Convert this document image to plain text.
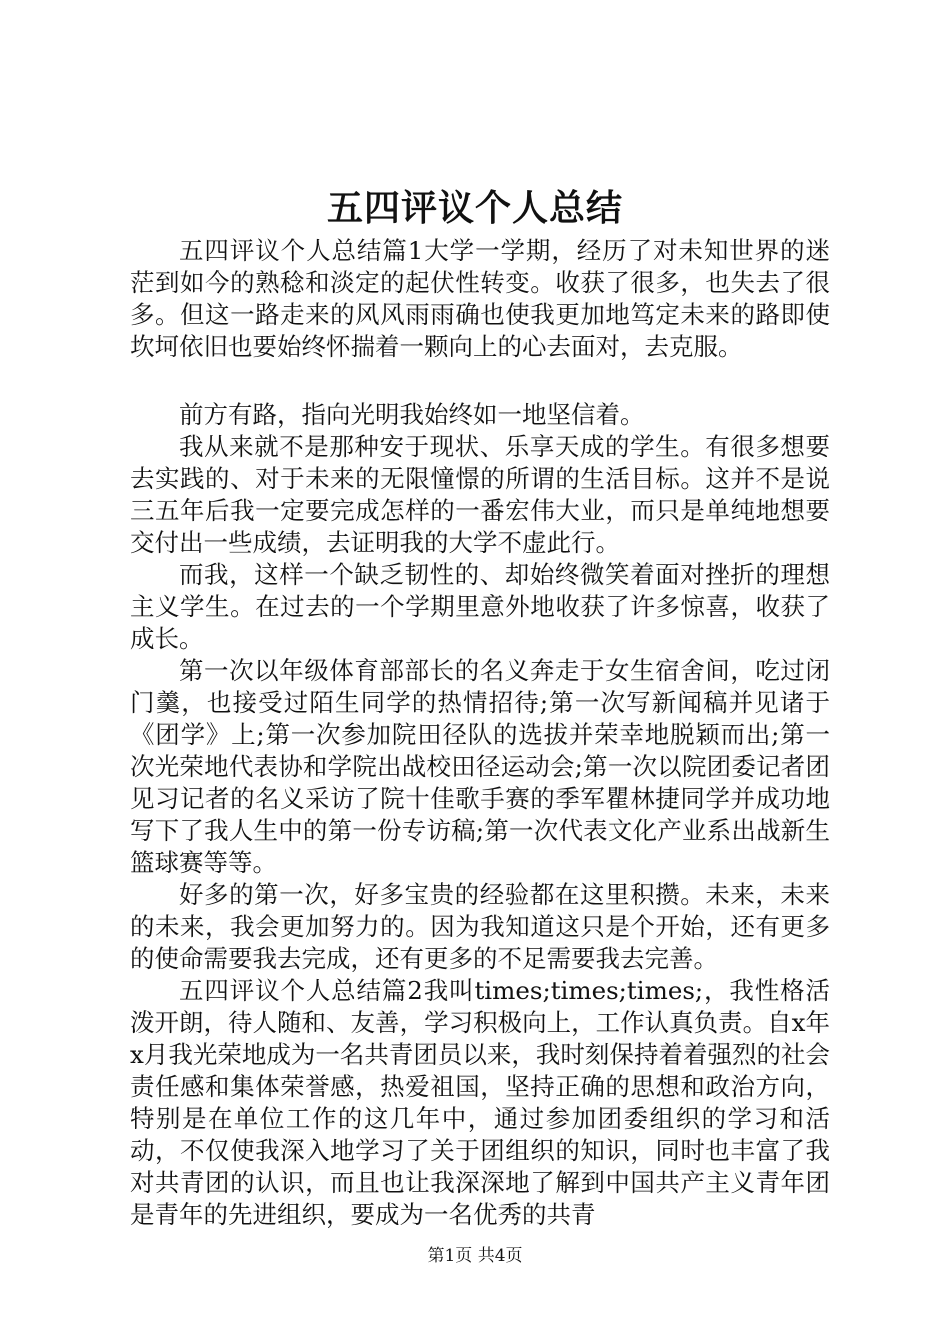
五四评议个人总结

五四评议个人总结篇1大学一学期，经历了对未知世界的迷茫到如今的熟稔和淡定的起伏性转变。收获了很多，也失去了很多。但这一路走来的风风雨雨确也使我更加地笃定未来的路即使坎坷依旧也要始终怀揣着一颗向上的心去面对，去克服。

前方有路，指向光明我始终如一地坚信着。

我从来就不是那种安于现状、乐享天成的学生。有很多想要去实践的、对于未来的无限憧憬的所谓的生活目标。这并不是说三五年后我一定要完成怎样的一番宏伟大业，而只是单纯地想要交付出一些成绩，去证明我的大学不虚此行。

而我，这样一个缺乏韧性的、却始终微笑着面对挫折的理想主义学生。在过去的一个学期里意外地收获了许多惊喜，收获了成长。

第一次以年级体育部部长的名义奔走于女生宿舍间，吃过闭门羹，也接受过陌生同学的热情招待;第一次写新闻稿并见诸于《团学》上;第一次参加院田径队的选拔并荣幸地脱颖而出;第一次光荣地代表协和学院出战校田径运动会;第一次以院团委记者团见习记者的名义采访了院十佳歌手赛的季军瞿林捷同学并成功地写下了我人生中的第一份专访稿;第一次代表文化产业系出战新生篮球赛等等。

好多的第一次，好多宝贵的经验都在这里积攒。未来，未来的未来，我会更加努力的。因为我知道这只是个开始，还有更多的使命需要我去完成，还有更多的不足需要我去完善。

五四评议个人总结篇2我叫times;times;times;，我性格活泼开朗，待人随和、友善，学习积极向上，工作认真负责。自x年x月我光荣地成为一名共青团员以来，我时刻保持着着强烈的社会责任感和集体荣誉感，热爱祖国，坚持正确的思想和政治方向，特别是在单位工作的这几年中，通过参加团委组织的学习和活动，不仅使我深入地学习了关于团组织的知识，同时也丰富了我对共青团的认识，而且也让我深深地了解到中国共产主义青年团是青年的先进组织，要成为一名优秀的共青

第1页 共4页
